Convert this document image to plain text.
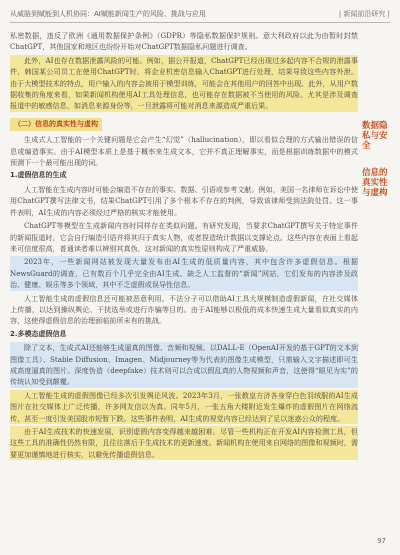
从威胁到赋能到人机协同：AI赋能新闻生产的风险、挑战与应用	| 新闻前沿研究 |

私密数据，违反了欧洲《通用数据保护条例》（GDPR）等隐私数据保护规则。意大利政府以此为由暂时封禁ChatGPT，其他国家和地区也纷纷开始对ChatGPT数据隐私问题进行调查。

此外，AI也存在数据泄露风险的可能。例如，据公开报道，ChatGPT已经出现过多起内容不合规的泄露事件，韩国某公司员工在使用ChatGPT时，将企业机密信息输入ChatGPT进行处理，结果导致这些内容外泄。由于大模型技术的特点，用户输入的内容会被用于模型训练，可能会在其他用户的回答中出现。此外，从用户数据收集的角度来看，如果新闻机构使用AI工具处理信息，也可能存在数据被不当使用的风险。尤其是涉及调查报道中的敏感信息，如消息来源身份等，一旦泄露将可能对消息来源造成严重后果。

（二）信息的真实性与虚构

生成式人工智能的一个关键问题是它会产生“幻觉”（hallucination），即以看似合理的方式输出错误的信息或编造事实。由于AI模型本质上是基于概率来生成文本，它并不真正理解事实，而是根据训练数据中的模式预测下一个最可能出现的词。

1.虚假信息的生成

人工智能在生成内容时可能会编造不存在的事实、数据、引语或参考文献。例如，美国一名律师在诉讼中使用ChatGPT撰写法律文书，结果ChatGPT引用了多个根本不存在的判例，导致该律师受到法院处罚。这一事件表明，AI生成的内容必须经过严格的核实才能使用。

ChatGPT等模型在生成新闻内容时同样存在类似问题。有研究发现，当要求ChatGPT撰写关于特定事件的新闻报道时，它会自行编造引语并将其归于真实人物，或者捏造统计数据以支撑论点。这些内容在表面上看起来可信度很高，普通读者难以辨别其真伪，这对新闻的真实性原则构成了严重威胁。

2023年，一些新闻网站被发现大量发布由AI生成的低质量内容，其中包含许多虚假信息。根据NewsGuard的调查，已有数百个几乎完全由AI生成、缺乏人工监督的“新闻”网站，它们发布的内容涉及政治、健康、娱乐等多个领域，其中不乏虚假或误导性信息。

人工智能生成的虚假信息还可能被恶意利用。不法分子可以借助AI工具大规模制造虚假新闻，在社交媒体上传播，以达到操纵舆论、干扰选举或进行诈骗等目的。由于AI能够以极低的成本快速生成大量看似真实的内容，这使得虚假信息的治理面临前所未有的挑战。

2.多模态虚假信息

除了文本，生成式AI还能够生成逼真的图像、音频和视频。以DALL-E（OpenAI开发的基于GPT的文本到图像工具）、Stable Diffusion、Imagen、Midjourney等为代表的图像生成模型，只需输入文字描述即可生成高度逼真的图片。深度伪造（deepfake）技术则可以合成以假乱真的人物视频和声音，这使得“眼见为实”的传统认知受到颠覆。

人工智能生成的虚假图像已经多次引发舆论风波。2023年3月，一张教皇方济各身穿白色羽绒服的AI生成图片在社交媒体上广泛传播，许多网友信以为真。同年5月，一张五角大楼附近发生爆炸的虚假图片在网络流传，甚至一度引发美国股市短暂下跌。这些事件表明，AI生成的视觉内容已经达到了足以迷惑公众的程度。

由于AI生成技术的快速发展，识别虚假内容变得越来越困难。尽管一些机构正在开发AI内容检测工具，但这些工具的准确性仍然有限，且往往落后于生成技术的更新速度。新闻机构在使用来自网络的图像和视频时，需要更加谨慎地进行核实，以避免传播虚假信息。

数据隐私与安全
信息的真实性与虚构
97
